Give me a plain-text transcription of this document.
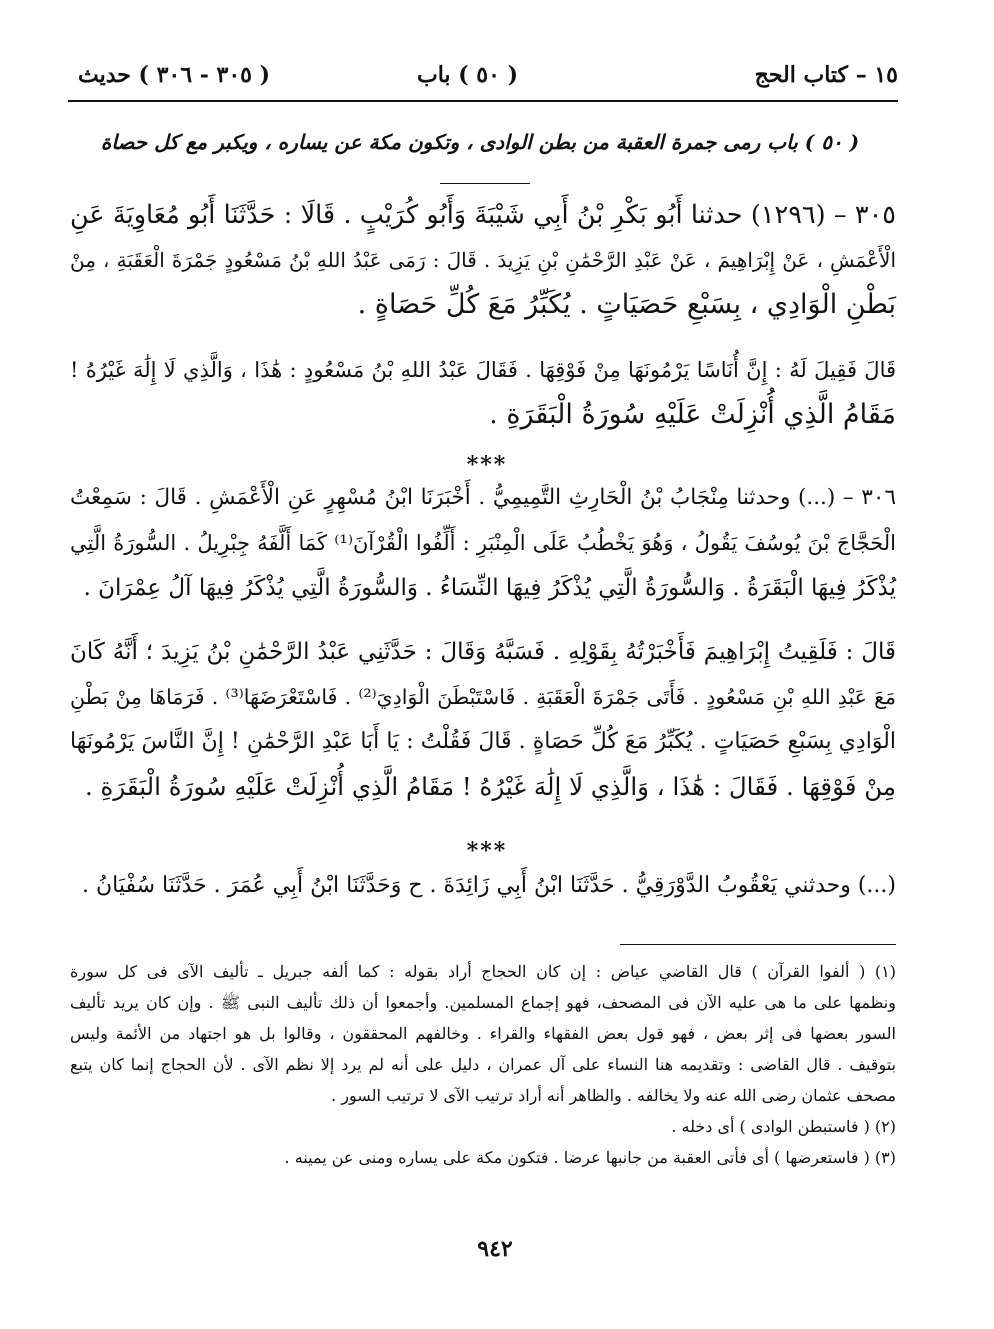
١٥ – كتاب الحج
( ٥٠ ) باب
( ٣٠٥ - ٣٠٦ ) حديث
( ٥٠ ) باب رمى جمرة العقبة من بطن الوادى ، وتكون مكة عن يساره ، ويكبر مع كل حصاة
٣٠٥ – (١٢٩٦) حدثنا أَبُو بَكْرِ بْنُ أَبِي شَيْبَةَ وَأَبُو كُرَيْبٍ . قَالَا : حَدَّثَنَا أَبُو مُعَاوِيَةَ عَنِ
الْأَعْمَشِ ، عَنْ إِبْرَاهِيمَ ، عَنْ عَبْدِ الرَّحْمَٰنِ بْنِ يَزِيدَ . قَالَ : رَمَى عَبْدُ اللهِ بْنُ مَسْعُودٍ جَمْرَةَ الْعَقَبَةِ ، مِنْ
بَطْنِ الْوَادِي ، بِسَبْعِ حَصَيَاتٍ . يُكَبِّرُ مَعَ كُلِّ حَصَاةٍ .
قَالَ فَقِيلَ لَهُ : إِنَّ أُنَاسًا يَرْمُونَهَا مِنْ فَوْقِهَا . فَقَالَ عَبْدُ اللهِ بْنُ مَسْعُودٍ : هَٰذَا ، وَالَّذِي لَا إِلَٰهَ غَيْرُهُ !
مَقَامُ الَّذِي أُنْزِلَتْ عَلَيْهِ سُورَةُ الْبَقَرَةِ .
***
٣٠٦ – (...) وحدثنا مِنْجَابُ بْنُ الْحَارِثِ التَّمِيمِيُّ . أَخْبَرَنَا ابْنُ مُسْهِرٍ عَنِ الْأَعْمَشِ . قَالَ : سَمِعْتُ
الْحَجَّاجَ بْنَ يُوسُفَ يَقُولُ ، وَهُوَ يَخْطُبُ عَلَى الْمِنْبَرِ : أَلِّفُوا الْقُرْآنَ⁽¹⁾ كَمَا أَلَّفَهُ جِبْرِيلُ . السُّورَةُ الَّتِي
يُذْكَرُ فِيهَا الْبَقَرَةُ . وَالسُّورَةُ الَّتِي يُذْكَرُ فِيهَا النِّسَاءُ . وَالسُّورَةُ الَّتِي يُذْكَرُ فِيهَا آلُ عِمْرَانَ .
قَالَ : فَلَقِيتُ إِبْرَاهِيمَ فَأَخْبَرْتُهُ بِقَوْلِهِ . فَسَبَّهُ وَقَالَ : حَدَّثَنِي عَبْدُ الرَّحْمَٰنِ بْنُ يَزِيدَ ؛ أَنَّهُ كَانَ
مَعَ عَبْدِ اللهِ بْنِ مَسْعُودٍ . فَأَتَى جَمْرَةَ الْعَقَبَةِ . فَاسْتَبْطَنَ الْوَادِيَ⁽²⁾ . فَاسْتَعْرَضَهَا⁽³⁾ . فَرَمَاهَا مِنْ بَطْنِ
الْوَادِي بِسَبْعِ حَصَيَاتٍ . يُكَبِّرُ مَعَ كُلِّ حَصَاةٍ . قَالَ فَقُلْتُ : يَا أَبَا عَبْدِ الرَّحْمَٰنِ ! إِنَّ النَّاسَ يَرْمُونَهَا
مِنْ فَوْقِهَا . فَقَالَ : هَٰذَا ، وَالَّذِي لَا إِلَٰهَ غَيْرُهُ ! مَقَامُ الَّذِي أُنْزِلَتْ عَلَيْهِ سُورَةُ الْبَقَرَةِ .
***
(...) وحدثني يَعْقُوبُ الدَّوْرَقِيُّ . حَدَّثَنَا ابْنُ أَبِي زَائِدَةَ . ح وَحَدَّثَنَا ابْنُ أَبِي عُمَرَ . حَدَّثَنَا سُفْيَانُ .
(١) ( ألفوا القرآن ) قال القاضي عياض : إن كان الحجاج أراد بقوله : كما ألفه جبريل ـ تأليف الآى فى كل سورة
ونظمها على ما هى عليه الآن فى المصحف، فهو إجماع المسلمين. وأجمعوا أن ذلك تأليف النبى ﷺ . وإن كان يريد تأليف
السور بعضها فى إثر بعض ، فهو قول بعض الفقهاء والقراء . وخالفهم المحققون ، وقالوا بل هو اجتهاد من الأئمة وليس
بتوقيف . قال القاضى : وتقديمه هنا النساء على آل عمران ، دليل على أنه لم يرد إلا نظم الآى . لأن الحجاج إنما كان يتبع
مصحف عثمان رضى الله عنه ولا يخالفه . والظاهر أنه أراد ترتيب الآى لا ترتيب السور .
(٢) ( فاستبطن الوادى ) أى دخله .
(٣) ( فاستعرضها ) أى فأتى العقبة من جانبها عرضا . فتكون مكة على يساره ومنى عن يمينه .
٩٤٢
